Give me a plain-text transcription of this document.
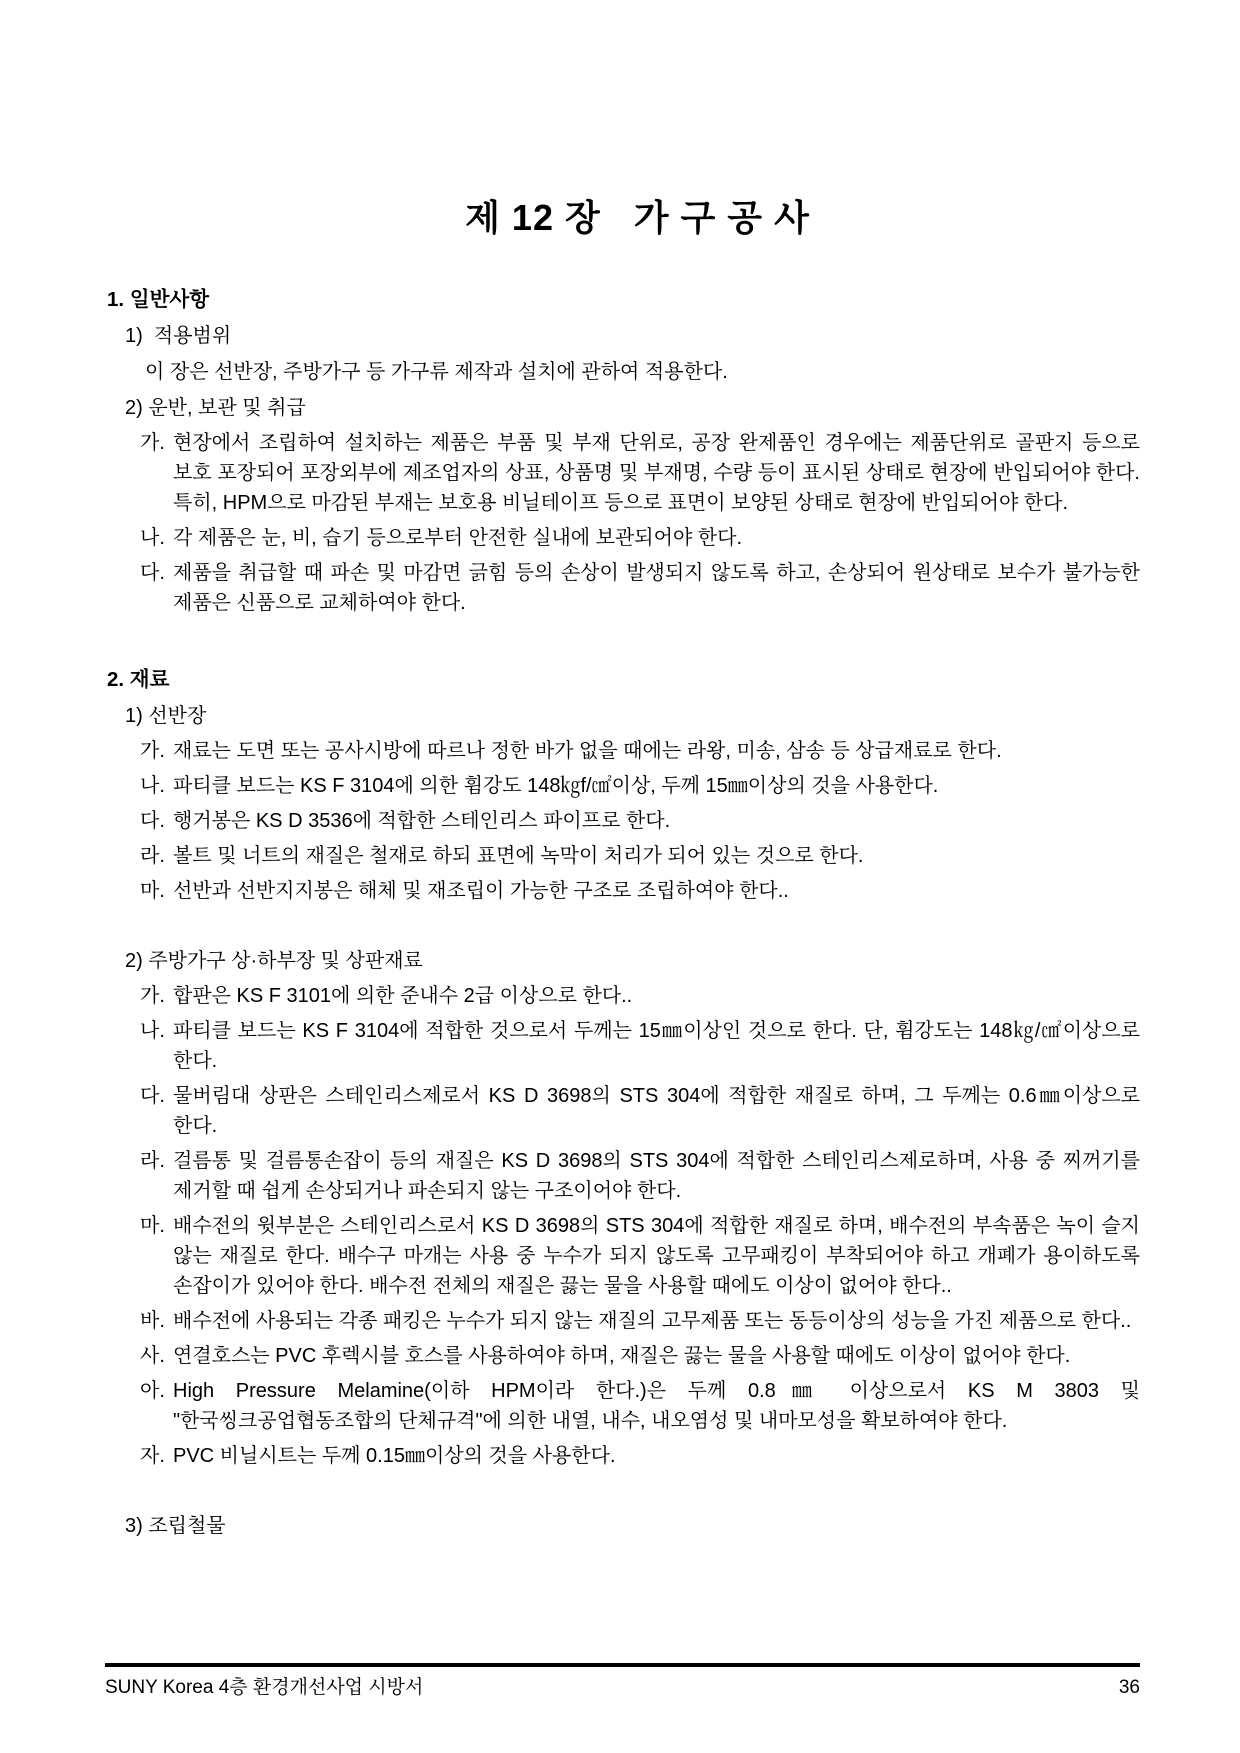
제 12 장   가 구 공 사
1. 일반사항
1)  적용범위

이 장은 선반장, 주방가구 등 가구류 제작과 설치에 관하여 적용한다.

2) 운반, 보관 및 취급
가. 현장에서 조립하여 설치하는 제품은 부품 및 부재 단위로, 공장 완제품인 경우에는 제품단위로 골판지 등으로 보호 포장되어 포장외부에 제조업자의 상표, 상품명 및 부재명, 수량 등이 표시된 상태로 현장에 반입되어야 한다. 특히, HPM으로 마감된 부재는 보호용 비닐테이프 등으로 표면이 보양된 상태로 현장에 반입되어야 한다.
나. 각 제품은 눈, 비, 습기 등으로부터 안전한 실내에 보관되어야 한다.
다. 제품을 취급할 때 파손 및 마감면 긁힘 등의 손상이 발생되지 않도록 하고, 손상되어 원상태로 보수가 불가능한 제품은 신품으로 교체하여야 한다.
2. 재료
1) 선반장
가. 재료는 도면 또는 공사시방에 따르나 정한 바가 없을 때에는 라왕, 미송, 삼송 등 상급재료로 한다.
나. 파티클 보드는 KS F 3104에 의한 휨강도 148㎏f/㎠이상, 두께 15㎜이상의 것을 사용한다.
다. 행거봉은 KS D 3536에 적합한 스테인리스 파이프로 한다.
라. 볼트 및 너트의 재질은 철재로 하되 표면에 녹막이 처리가 되어 있는 것으로 한다.
마. 선반과 선반지지봉은 해체 및 재조립이 가능한 구조로 조립하여야 한다..
2) 주방가구 상·하부장 및 상판재료
가. 합판은 KS F 3101에 의한 준내수 2급 이상으로 한다..
나. 파티클 보드는 KS F 3104에 적합한 것으로서 두께는 15㎜이상인 것으로 한다. 단, 휨강도는 148㎏/㎠이상으로 한다.
다. 물버림대 상판은 스테인리스제로서 KS D 3698의 STS 304에 적합한 재질로 하며, 그 두께는 0.6㎜이상으로 한다.
라. 걸름통 및 걸름통손잡이 등의 재질은 KS D 3698의 STS 304에 적합한 스테인리스제로하며, 사용 중 찌꺼기를 제거할 때 쉽게 손상되거나 파손되지 않는 구조이어야 한다.
마. 배수전의 윗부분은 스테인리스로서 KS D 3698의 STS 304에 적합한 재질로 하며, 배수전의 부속품은 녹이 슬지 않는 재질로 한다. 배수구 마개는 사용 중 누수가 되지 않도록 고무패킹이 부착되어야 하고 개폐가 용이하도록 손잡이가 있어야 한다. 배수전 전체의 재질은 끓는 물을 사용할 때에도 이상이 없어야 한다..
바. 배수전에 사용되는 각종 패킹은 누수가 되지 않는 재질의 고무제품 또는 동등이상의 성능을 가진 제품으로 한다..
사. 연결호스는 PVC 후렉시블 호스를 사용하여야 하며, 재질은 끓는 물을 사용할 때에도 이상이 없어야 한다.
아. High Pressure Melamine(이하 HPM이라 한다.)은 두께 0.8㎜ 이상으로서 KS M 3803 및 "한국씽크공업협동조합의 단체규격"에 의한 내열, 내수, 내오염성 및 내마모성을 확보하여야 한다.
자. PVC 비닐시트는 두께 0.15㎜이상의 것을 사용한다.
3) 조립철물
SUNY Korea 4층 환경개선사업 시방서	36
